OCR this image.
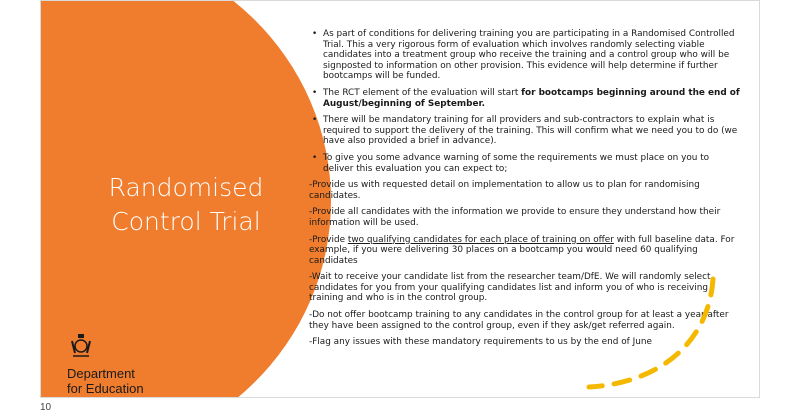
Randomised
Control Trial
Department
for Education
• As part of conditions for delivering training you are participating in a Randomised Controlled Trial. This a very rigorous form of evaluation which involves randomly selecting viable candidates into a treatment group who receive the training and a control group who will be signposted to information on other provision. This evidence will help determine if further bootcamps will be funded.
• The RCT element of the evaluation will start for bootcamps beginning around the end of August/beginning of September.
• There will be mandatory training for all providers and sub-contractors to explain what is required to support the delivery of the training. This will confirm what we need you to do (we have also provided a brief in advance).
• To give you some advance warning of some the requirements we must place on you to deliver this evaluation you can expect to;

-Provide us with requested detail on implementation to allow us to plan for randomising candidates.

-Provide all candidates with the information we provide to ensure they understand how their information will be used.

-Provide two qualifying candidates for each place of training on offer with full baseline data. For example, if you were delivering 30 places on a bootcamp you would need 60 qualifying candidates

-Wait to receive your candidate list from the researcher team/DfE. We will randomly select candidates for you from your qualifying candidates list and inform you of who is receiving training and who is in the control group.

-Do not offer bootcamp training to any candidates in the control group for at least a year after they have been assigned to the control group, even if they ask/get referred again.

-Flag any issues with these mandatory requirements to us by the end of June

10
